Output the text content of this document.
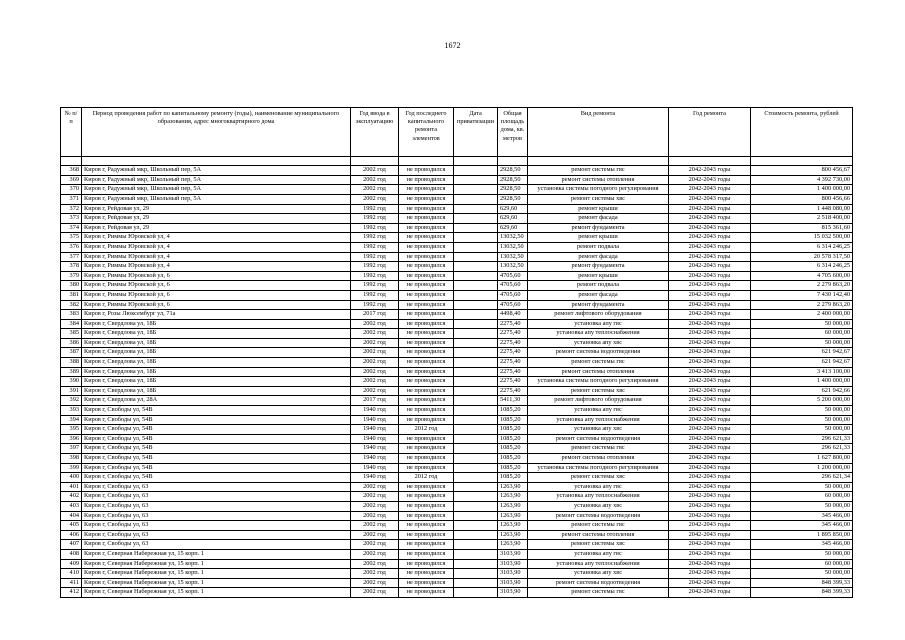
1672
№ п/п	Период проведения работ по капитальному ремонту (годы), наименование муниципального образования, адрес многоквартирного дома	Год ввода в эксплуатацию	Год последнего капитального ремонта элементов	Дата приватизации	Общая площадь дома, кв. метров	Вид ремонта	Год ремонта	Стоимость ремонта, рублей

368	Киров г, Радужный мкр, Школьный пер, 5А	2002 год	не проводился		2928,50	ремонт системы гвс	2042-2043 годы	800 456,67
369	Киров г, Радужный мкр, Школьный пер, 5А	2002 год	не проводился		2928,50	ремонт системы отопления	2042-2043 годы	4 392 730,00
370	Киров г, Радужный мкр, Школьный пер, 5А	2002 год	не проводился		2928,50	установка системы погодного регулирования	2042-2043 годы	1 400 000,00
371	Киров г, Радужный мкр, Школьный пер, 5А	2002 год	не проводился		2928,50	ремонт системы хвс	2042-2043 годы	800 456,66
372	Киров г, Рейдовая ул, 29	1992 год	не проводился		629,60	ремонт крыши	2042-2043 годы	1 448 080,00
373	Киров г, Рейдовая ул, 29	1992 год	не проводился		629,60	ремонт фасада	2042-2043 годы	2 518 400,00
374	Киров г, Рейдовая ул, 29	1992 год	не проводился		629,60	ремонт фундамента	2042-2043 годы	815 361,60
375	Киров г, Риммы Юровской ул, 4	1992 год	не проводился		13032,50	ремонт крыши	2042-2043 годы	15 032 500,00
376	Киров г, Риммы Юровской ул, 4	1992 год	не проводился		13032,50	ремонт подвала	2042-2043 годы	6 314 246,25
377	Киров г, Риммы Юровской ул, 4	1992 год	не проводился		13032,50	ремонт фасада	2042-2043 годы	20 578 317,50
378	Киров г, Риммы Юровской ул, 4	1992 год	не проводился		13032,50	ремонт фундамента	2042-2043 годы	6 314 246,25
379	Киров г, Риммы Юровской ул, 6	1992 год	не проводился		4705,60	ремонт крыши	2042-2043 годы	4 705 600,00
380	Киров г, Риммы Юровской ул, 6	1992 год	не проводился		4705,60	ремонт подвала	2042-2043 годы	2 279 863,20
381	Киров г, Риммы Юровской ул, 6	1992 год	не проводился		4705,60	ремонт фасада	2042-2043 годы	7 430 142,40
382	Киров г, Риммы Юровской ул, 6	1992 год	не проводился		4705,60	ремонт фундамента	2042-2043 годы	2 279 863,20
383	Киров г, Розы Люксембург ул, 71а	2017 год	не проводился		4498,40	ремонт лифтового оборудования	2042-2043 годы	2 400 000,00
384	Киров г, Свердлова ул, 18Б	2002 год	не проводился		2275,40	установка апу гвс	2042-2043 годы	50 000,00
385	Киров г, Свердлова ул, 18Б	2002 год	не проводился		2275,40	установка апу теплоснабжения	2042-2043 годы	60 000,00
386	Киров г, Свердлова ул, 18Б	2002 год	не проводился		2275,40	установка апу хвс	2042-2043 годы	50 000,00
387	Киров г, Свердлова ул, 18Б	2002 год	не проводился		2275,40	ремонт системы водоотведения	2042-2043 годы	621 942,67
388	Киров г, Свердлова ул, 18Б	2002 год	не проводился		2275,40	ремонт системы гвс	2042-2043 годы	621 942,67
389	Киров г, Свердлова ул, 18Б	2002 год	не проводился		2275,40	ремонт системы отопления	2042-2043 годы	3 413 100,00
390	Киров г, Свердлова ул, 18Б	2002 год	не проводился		2275,40	установка системы погодного регулирования	2042-2043 годы	1 400 000,00
391	Киров г, Свердлова ул, 18Б	2002 год	не проводился		2275,40	ремонт системы хвс	2042-2043 годы	621 942,66
392	Киров г, Свердлова ул, 28А	2017 год	не проводился		5411,30	ремонт лифтового оборудования	2042-2043 годы	5 200 000,00
393	Киров г, Свободы ул, 54В	1940 год	не проводился		1085,20	установка апу гвс	2042-2043 годы	50 000,00
394	Киров г, Свободы ул, 54В	1940 год	не проводился		1085,20	установка апу теплоснабжения	2042-2043 годы	50 000,00
395	Киров г, Свободы ул, 54В	1940 год	2012 год		1085,20	установка апу хвс	2042-2043 годы	50 000,00
396	Киров г, Свободы ул, 54В	1940 год	не проводился		1085,20	ремонт системы водоотведения	2042-2043 годы	296 621,33
397	Киров г, Свободы ул, 54В	1940 год	не проводился		1085,20	ремонт системы гвс	2042-2043 годы	296 621,33
398	Киров г, Свободы ул, 54В	1940 год	не проводился		1085,20	ремонт системы отопления	2042-2043 годы	1 627 800,00
399	Киров г, Свободы ул, 54В	1940 год	не проводился		1085,20	установка системы погодного регулирования	2042-2043 годы	1 200 000,00
400	Киров г, Свободы ул, 54В	1940 год	2012 год		1085,20	ремонт системы хвс	2042-2043 годы	296 621,34
401	Киров г, Свободы ул, 63	2002 год	не проводился		1263,90	установка апу гвс	2042-2043 годы	50 000,00
402	Киров г, Свободы ул, 63	2002 год	не проводился		1263,90	установка апу теплоснабжения	2042-2043 годы	60 000,00
403	Киров г, Свободы ул, 63	2002 год	не проводился		1263,90	установка апу хвс	2042-2043 годы	50 000,00
404	Киров г, Свободы ул, 63	2002 год	не проводился		1263,90	ремонт системы водоотведения	2042-2043 годы	345 466,00
405	Киров г, Свободы ул, 63	2002 год	не проводился		1263,90	ремонт системы гвс	2042-2043 годы	345 466,00
406	Киров г, Свободы ул, 63	2002 год	не проводился		1263,90	ремонт системы отопления	2042-2043 годы	1 895 850,00
407	Киров г, Свободы ул, 63	2002 год	не проводился		1263,90	ремонт системы хвс	2042-2043 годы	345 466,00
408	Киров г, Северная Набережная ул, 15 корп. 1	2002 год	не проводился		3103,90	установка апу гвс	2042-2043 годы	50 000,00
409	Киров г, Северная Набережная ул, 15 корп. 1	2002 год	не проводился		3103,90	установка апу теплоснабжения	2042-2043 годы	60 000,00
410	Киров г, Северная Набережная ул, 15 корп. 1	2002 год	не проводился		3103,90	установка апу хвс	2042-2043 годы	50 000,00
411	Киров г, Северная Набережная ул, 15 корп. 1	2002 год	не проводился		3103,90	ремонт системы водоотведения	2042-2043 годы	848 399,33
412	Киров г, Северная Набережная ул, 15 корп. 1	2002 год	не проводился		3103,90	ремонт системы гвс	2042-2043 годы	848 399,33
